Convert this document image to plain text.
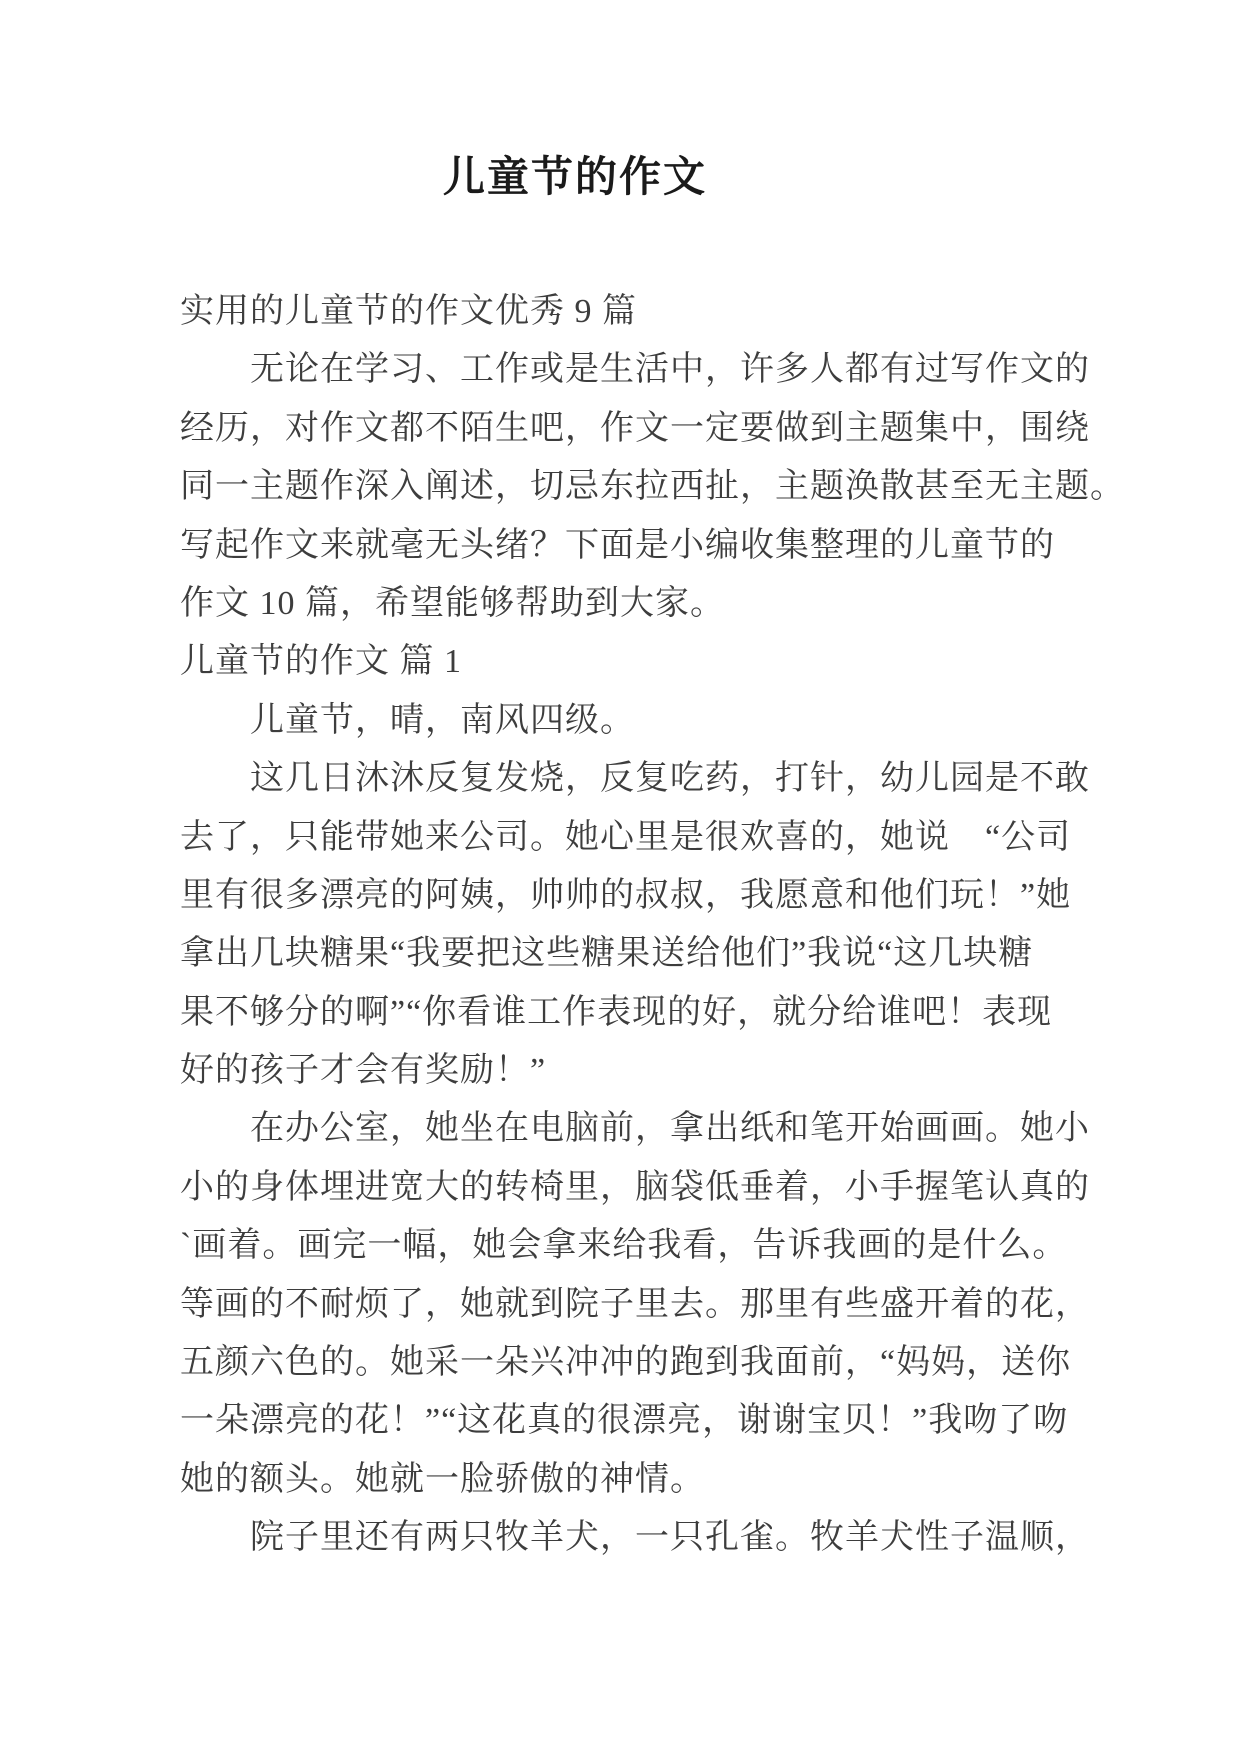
儿童节的作文
实用的儿童节的作文优秀 9 篇
无论在学习、工作或是生活中，许多人都有过写作文的
经历，对作文都不陌生吧，作文一定要做到主题集中，围绕
同一主题作深入阐述，切忌东拉西扯，主题涣散甚至无主题。
写起作文来就毫无头绪？下面是小编收集整理的儿童节的
作文 10 篇，希望能够帮助到大家。
儿童节的作文 篇 1
儿童节，晴，南风四级。
这几日沐沐反复发烧，反复吃药，打针，幼儿园是不敢
去了，只能带她来公司。她心里是很欢喜的，她说　“公司
里有很多漂亮的阿姨，帅帅的叔叔，我愿意和他们玩！”她
拿出几块糖果“我要把这些糖果送给他们”我说“这几块糖
果不够分的啊”“你看谁工作表现的好，就分给谁吧！表现
好的孩子才会有奖励！”
在办公室，她坐在电脑前，拿出纸和笔开始画画。她小
小的身体埋进宽大的转椅里，脑袋低垂着，小手握笔认真的
`画着。画完一幅，她会拿来给我看，告诉我画的是什么。
等画的不耐烦了，她就到院子里去。那里有些盛开着的花，
五颜六色的。她采一朵兴冲冲的跑到我面前，“妈妈，送你
一朵漂亮的花！”“这花真的很漂亮，谢谢宝贝！”我吻了吻
她的额头。她就一脸骄傲的神情。
院子里还有两只牧羊犬，一只孔雀。牧羊犬性子温顺，
